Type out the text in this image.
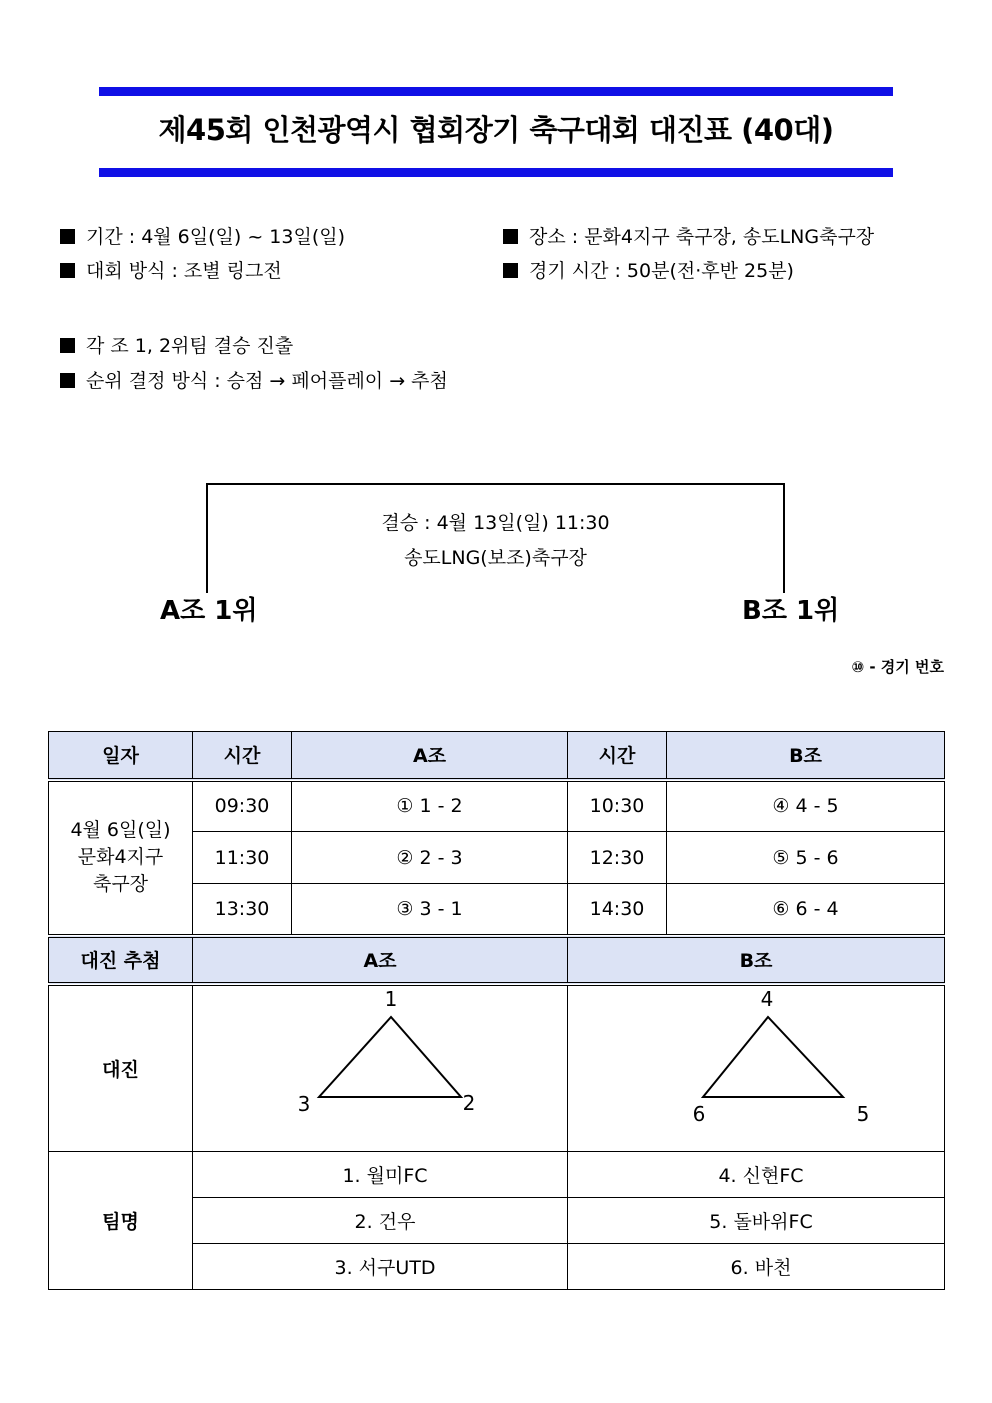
제45회 인천광역시 협회장기 축구대회 대진표 (40대)
기간 : 4월 6일(일) ~ 13일(일)	장소 : 문화4지구 축구장, 송도LNG축구장
대회 방식 : 조별 링그전	경기 시간 : 50분(전·후반 25분)
각 조 1, 2위팀 결승 진출
순위 결정 방식 : 승점 → 페어플레이 → 추첨
결승 : 4월 13일(일) 11:30
송도LNG(보조)축구장
A조 1위	B조 1위
⑩ - 경기 번호
일자	시간	A조	시간	B조

4월 6일(일)
문화4지구
축구장	09:30	① 1 - 2	10:30	④ 4 - 5
	11:30	② 2 - 3	12:30	⑤ 5 - 6
	13:30	③ 3 - 1	14:30	⑥ 6 - 4
대진 추첨	A조		B조	
대진	1
3 2		4
6 5	

팀명	1. 월미FC		4. 신현FC	
	2. 건우		5. 돌바위FC	
	3. 서구UTD		6. 바천	
